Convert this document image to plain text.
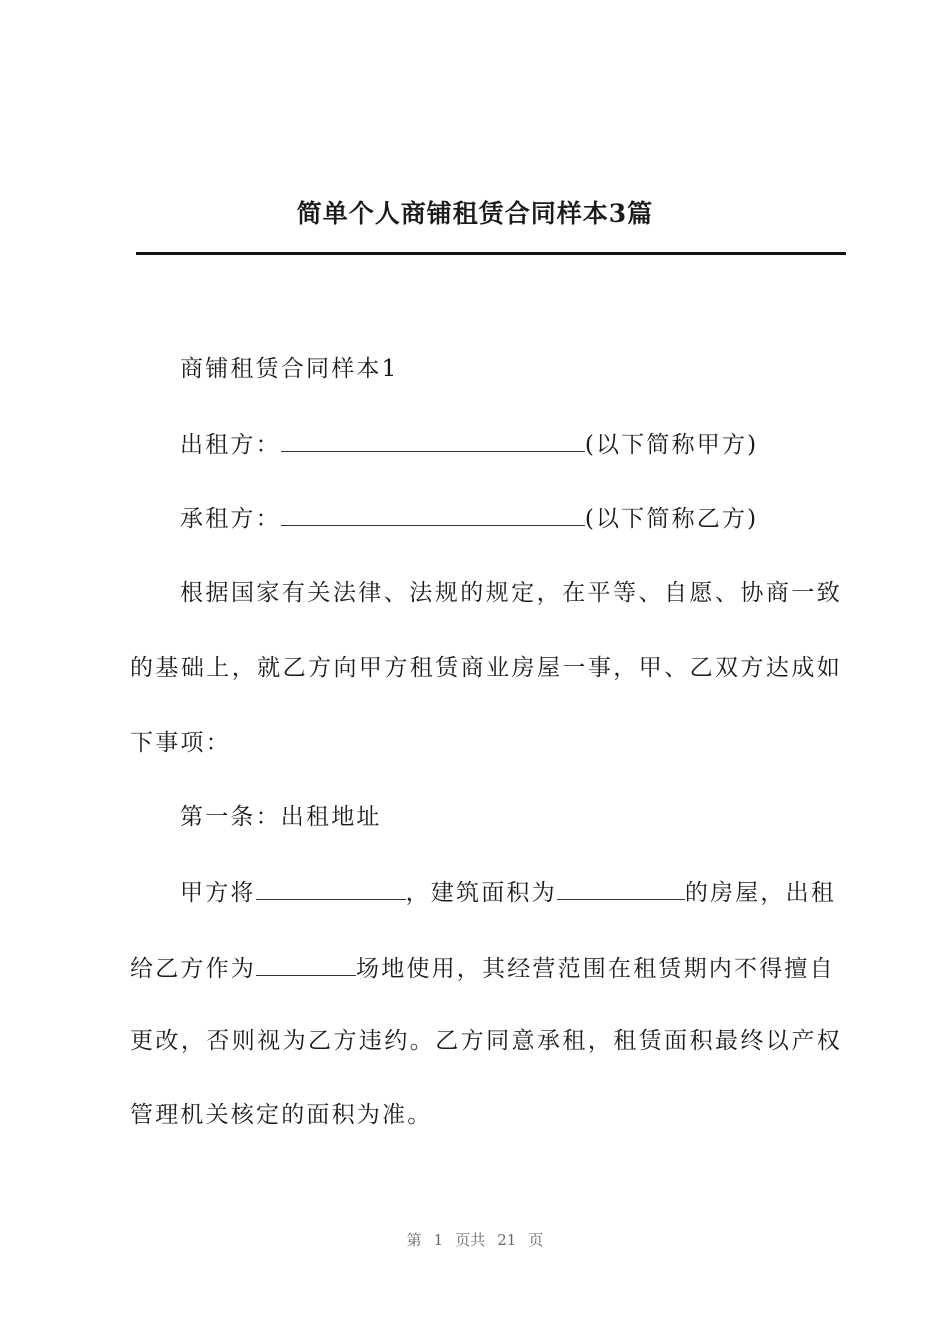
简单个人商铺租赁合同样本3篇
商铺租赁合同样本1
出租方：	(以下简称甲方)
承租方：	(以下简称乙方)
根据国家有关法律、法规的规定，在平等、自愿、协商一致
的基础上，就乙方向甲方租赁商业房屋一事，甲、乙双方达成如
下事项：
第一条：出租地址
甲方将	，建筑面积为	的房屋，出租
给乙方作为	场地使用，其经营范围在租赁期内不得擅自
更改，否则视为乙方违约。乙方同意承租，租赁面积最终以产权
管理机关核定的面积为准。
第 1 页共 21 页
